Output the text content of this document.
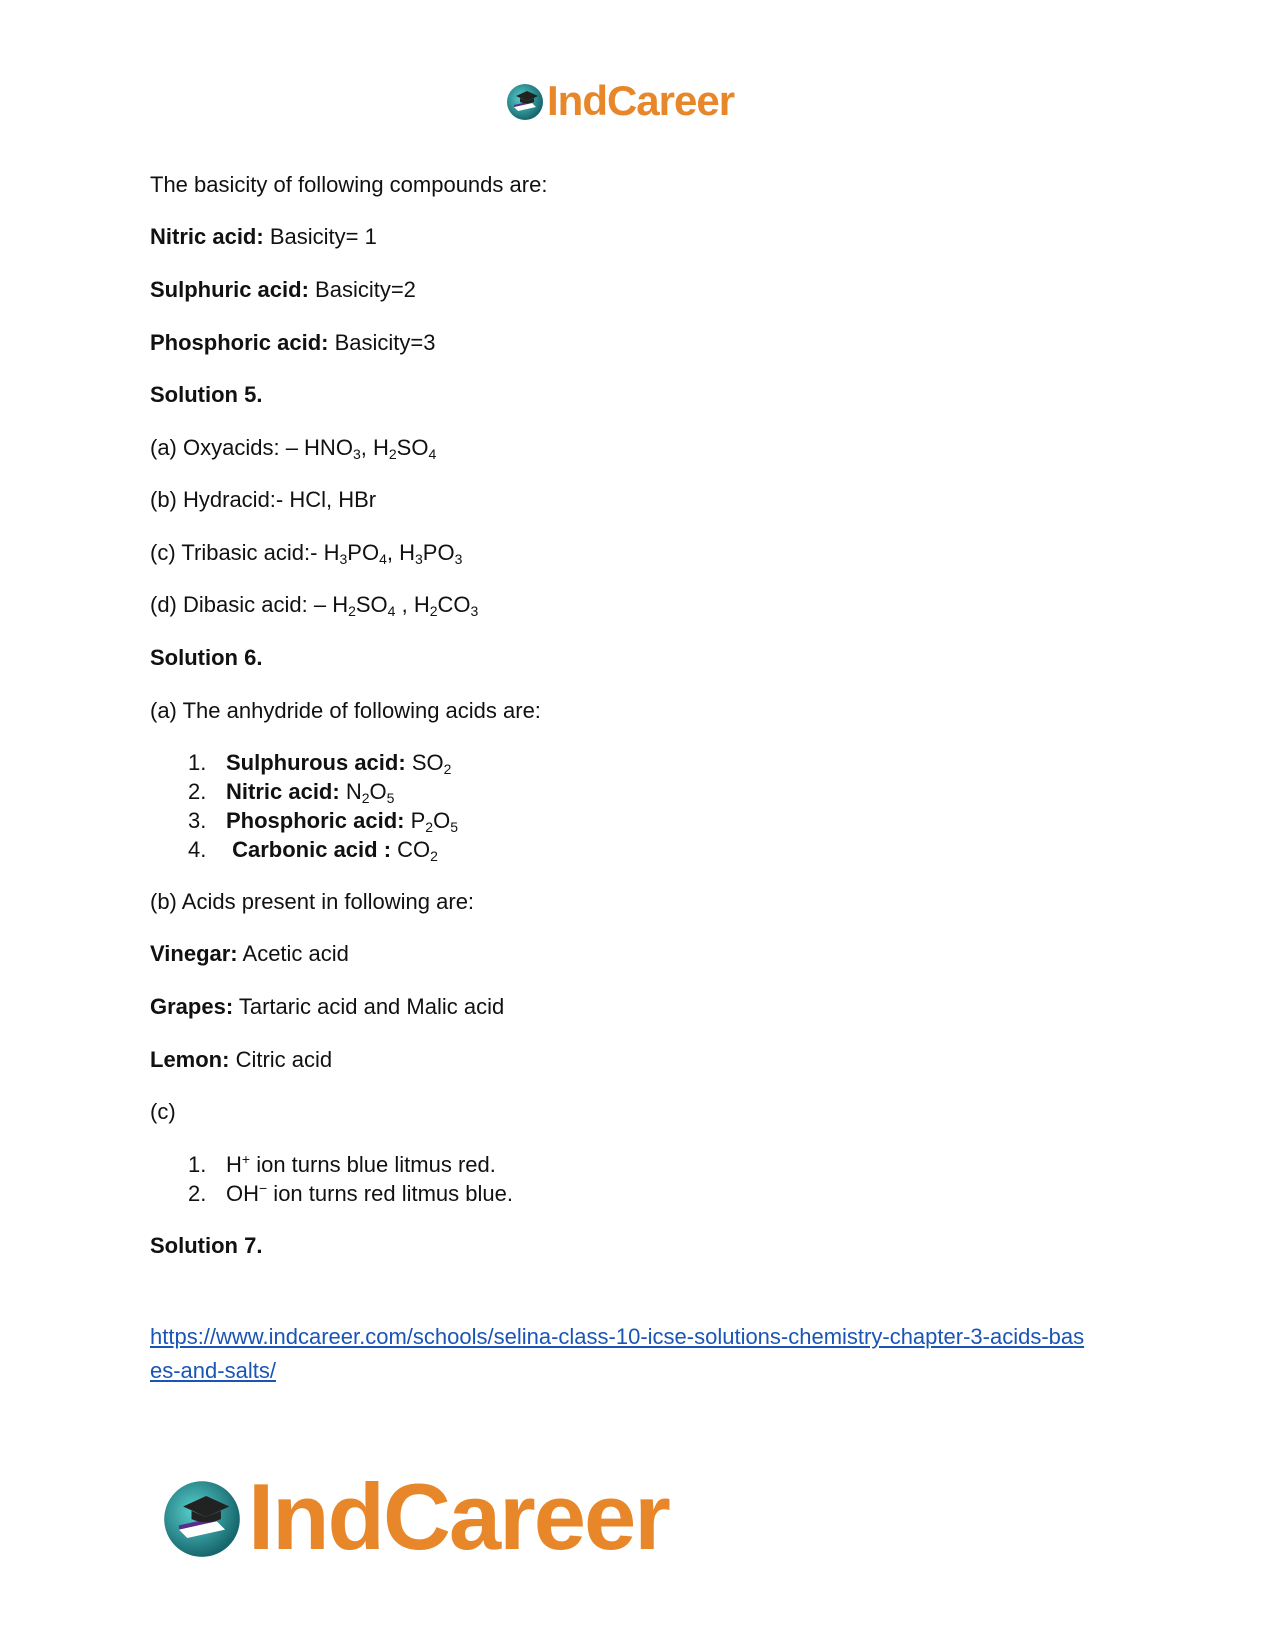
IndCareer
The basicity of following compounds are:
Nitric acid: Basicity= 1
Sulphuric acid: Basicity=2
Phosphoric acid: Basicity=3
Solution 5.
(a) Oxyacids: – $HNO_3$, $H_2SO_4$
(b) Hydracid:- HCl, HBr
(c) Tribasic acid:- $H_3PO_4$, $H_3PO_3$
(d) Dibasic acid: – $H_2SO_4$ , $H_2CO_3$
Solution 6.
(a) The anhydride of following acids are:
1. Sulphurous acid: $SO_2$
2. Nitric acid: $N_2O_5$
3. Phosphoric acid: $P_2O_5$
4. Carbonic acid : $CO_2$
(b) Acids present in following are:
Vinegar: Acetic acid
Grapes: Tartaric acid and Malic acid
Lemon: Citric acid
(c)
1. H+ ion turns blue litmus red.
2. OH− ion turns red litmus blue.
Solution 7.
https://www.indcareer.com/schools/selina-class-10-icse-solutions-chemistry-chapter-3-acids-bas
es-and-salts/
IndCareer
